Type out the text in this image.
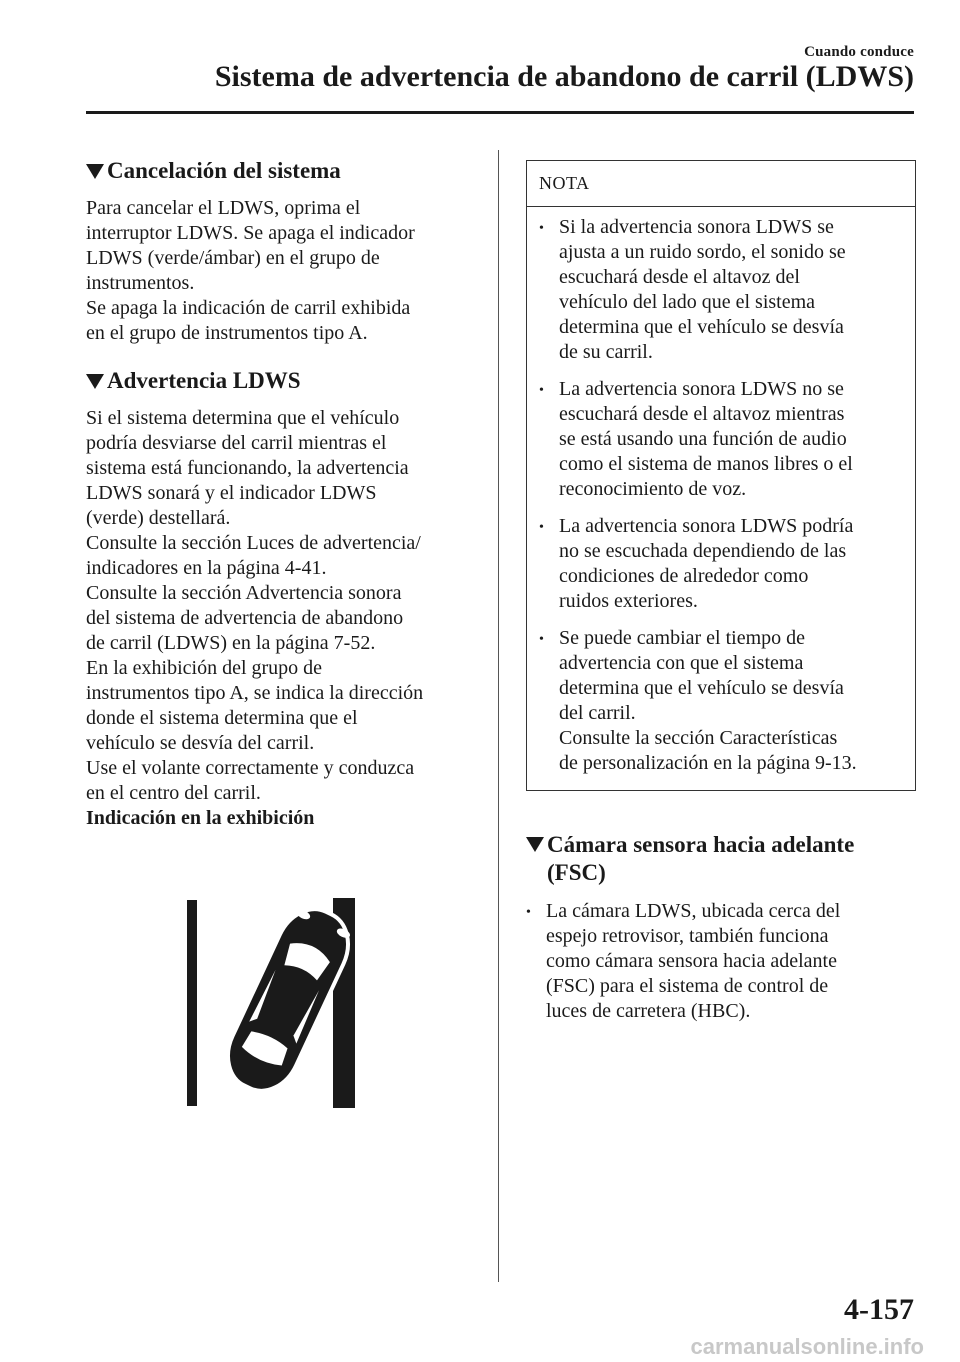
Cuando conduce
Sistema de advertencia de abandono de carril (LDWS)
Cancelación del sistema
Para cancelar el LDWS, oprima el
interruptor LDWS. Se apaga el indicador
LDWS (verde/ámbar) en el grupo de
instrumentos.
Se apaga la indicación de carril exhibida
en el grupo de instrumentos tipo A.
Advertencia LDWS
Si el sistema determina que el vehículo
podría desviarse del carril mientras el
sistema está funcionando, la advertencia
LDWS sonará y el indicador LDWS
(verde) destellará.
Consulte la sección Luces de advertencia/
indicadores en la página 4-41.
Consulte la sección Advertencia sonora
del sistema de advertencia de abandono
de carril (LDWS) en la página 7-52.
En la exhibición del grupo de
instrumentos tipo A, se indica la dirección
donde el sistema determina que el
vehículo se desvía del carril.
Use el volante correctamente y conduzca
en el centro del carril.
Indicación en la exhibición
NOTA
• Si la advertencia sonora LDWS se
ajusta a un ruido sordo, el sonido se
escuchará desde el altavoz del
vehículo del lado que el sistema
determina que el vehículo se desvía
de su carril.
• La advertencia sonora LDWS no se
escuchará desde el altavoz mientras
se está usando una función de audio
como el sistema de manos libres o el
reconocimiento de voz.
• La advertencia sonora LDWS podría
no se escuchada dependiendo de las
condiciones de alrededor como
ruidos exteriores.
• Se puede cambiar el tiempo de
advertencia con que el sistema
determina que el vehículo se desvía
del carril.
Consulte la sección Características
de personalización en la página 9-13.
Cámara sensora hacia adelante
(FSC)
• La cámara LDWS, ubicada cerca del
espejo retrovisor, también funciona
como cámara sensora hacia adelante
(FSC) para el sistema de control de
luces de carretera (HBC).
4-157
carmanualsonline.info
